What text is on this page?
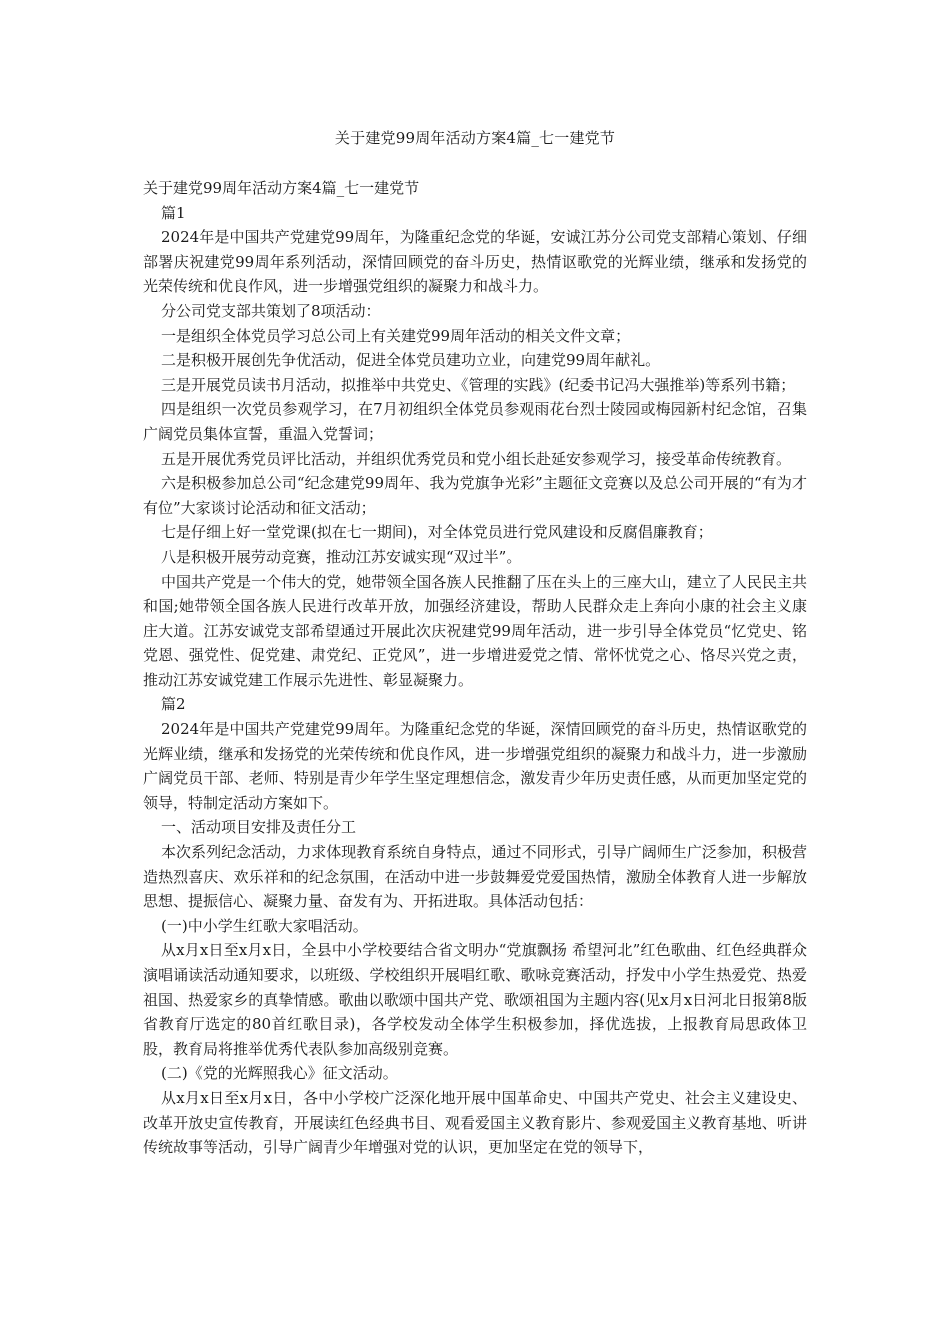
关于建党99周年活动方案4篇_七一建党节

关于建党99周年活动方案4篇_七一建党节

篇1

2024年是中国共产党建党99周年，为隆重纪念党的华诞，安诚江苏分公司党支部精心策划、仔细部署庆祝建党99周年系列活动，深情回顾党的奋斗历史，热情讴歌党的光辉业绩，继承和发扬党的光荣传统和优良作风，进一步增强党组织的凝聚力和战斗力。

分公司党支部共策划了8项活动：

一是组织全体党员学习总公司上有关建党99周年活动的相关文件文章；

二是积极开展创先争优活动，促进全体党员建功立业，向建党99周年献礼。

三是开展党员读书月活动，拟推举中共党史、《管理的实践》(纪委书记冯大强推举)等系列书籍；

四是组织一次党员参观学习，在7月初组织全体党员参观雨花台烈士陵园或梅园新村纪念馆，召集广阔党员集体宣誓，重温入党誓词；

五是开展优秀党员评比活动，并组织优秀党员和党小组长赴延安参观学习，接受革命传统教育。

六是积极参加总公司“纪念建党99周年、我为党旗争光彩”主题征文竞赛以及总公司开展的“有为才有位”大家谈讨论活动和征文活动；

七是仔细上好一堂党课(拟在七一期间)，对全体党员进行党风建设和反腐倡廉教育；

八是积极开展劳动竞赛，推动江苏安诚实现“双过半”。

中国共产党是一个伟大的党，她带领全国各族人民推翻了压在头上的三座大山，建立了人民民主共和国;她带领全国各族人民进行改革开放，加强经济建设，帮助人民群众走上奔向小康的社会主义康庄大道。江苏安诚党支部希望通过开展此次庆祝建党99周年活动，进一步引导全体党员“忆党史、铭党恩、强党性、促党建、肃党纪、正党风”，进一步增进爱党之情、常怀忧党之心、恪尽兴党之责，推动江苏安诚党建工作展示先进性、彰显凝聚力。

篇2

2024年是中国共产党建党99周年。为隆重纪念党的华诞，深情回顾党的奋斗历史，热情讴歌党的光辉业绩，继承和发扬党的光荣传统和优良作风，进一步增强党组织的凝聚力和战斗力，进一步激励广阔党员干部、老师、特别是青少年学生坚定理想信念，激发青少年历史责任感，从而更加坚定党的领导，特制定活动方案如下。

一、活动项目安排及责任分工

本次系列纪念活动，力求体现教育系统自身特点，通过不同形式，引导广阔师生广泛参加，积极营造热烈喜庆、欢乐祥和的纪念氛围，在活动中进一步鼓舞爱党爱国热情，激励全体教育人进一步解放思想、提振信心、凝聚力量、奋发有为、开拓进取。具体活动包括：

(一)中小学生红歌大家唱活动。

从x月x日至x月x日，全县中小学校要结合省文明办“党旗飘扬 希望河北”红色歌曲、红色经典群众演唱诵读活动通知要求，以班级、学校组织开展唱红歌、歌咏竞赛活动，抒发中小学生热爱党、热爱祖国、热爱家乡的真挚情感。歌曲以歌颂中国共产党、歌颂祖国为主题内容(见x月x日河北日报第8版省教育厅选定的80首红歌目录)，各学校发动全体学生积极参加，择优选拔，上报教育局思政体卫股，教育局将推举优秀代表队参加高级别竞赛。

(二)《党的光辉照我心》征文活动。

从x月x日至x月x日，各中小学校广泛深化地开展中国革命史、中国共产党史、社会主义建设史、改革开放史宣传教育，开展读红色经典书目、观看爱国主义教育影片、参观爱国主义教育基地、听讲传统故事等活动，引导广阔青少年增强对党的认识，更加坚定在党的领导下，
